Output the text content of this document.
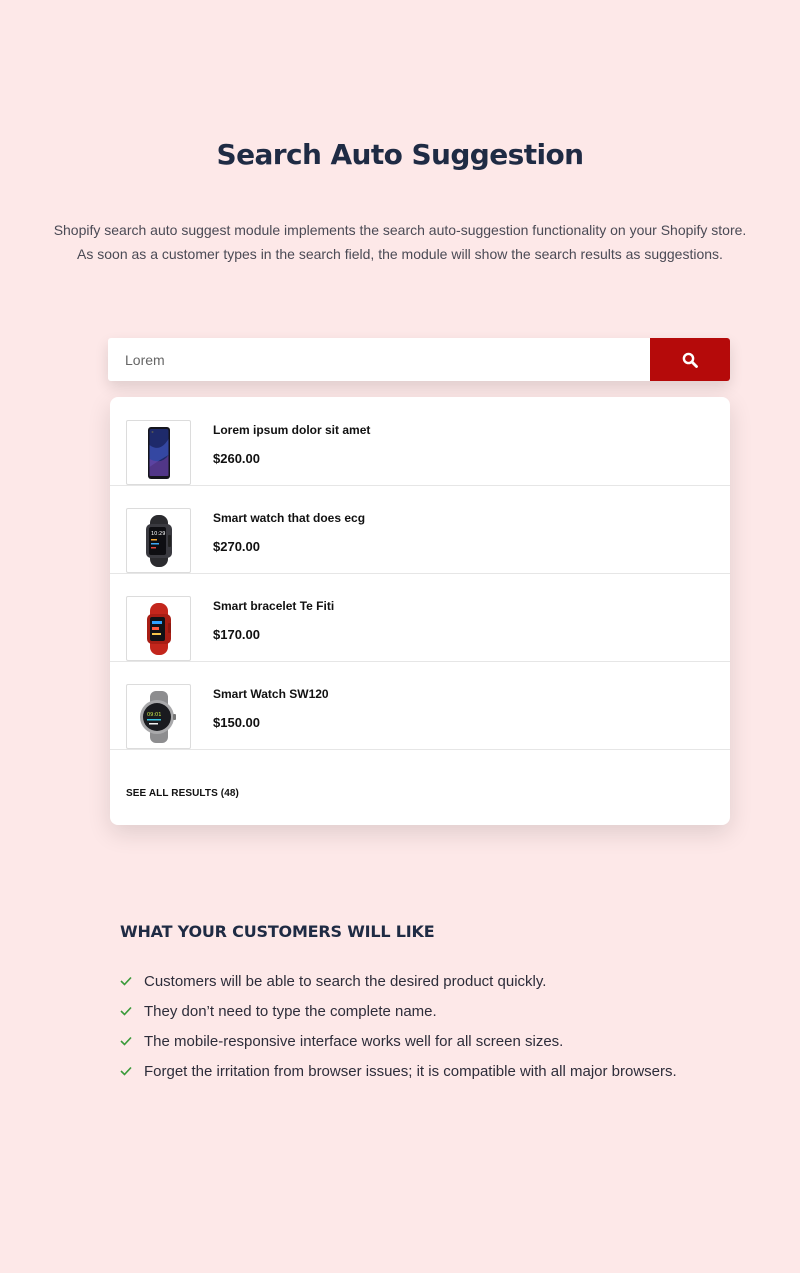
Search Auto Suggestion

Shopify search auto suggest module implements the search auto-suggestion functionality on your Shopify store.
As soon as a customer types in the search field, the module will show the search results as suggestions.

Lorem
Lorem ipsum dolor sit amet
$260.00
10:29
Smart watch that does ecg
$270.00
Smart bracelet Te Fiti
$170.00
09:01
Smart Watch SW120
$150.00
SEE ALL RESULTS (48)
WHAT YOUR CUSTOMERS WILL LIKE
Customers will be able to search the desired product quickly.
They don’t need to type the complete name.
The mobile-responsive interface works well for all screen sizes.
Forget the irritation from browser issues; it is compatible with all major browsers.
